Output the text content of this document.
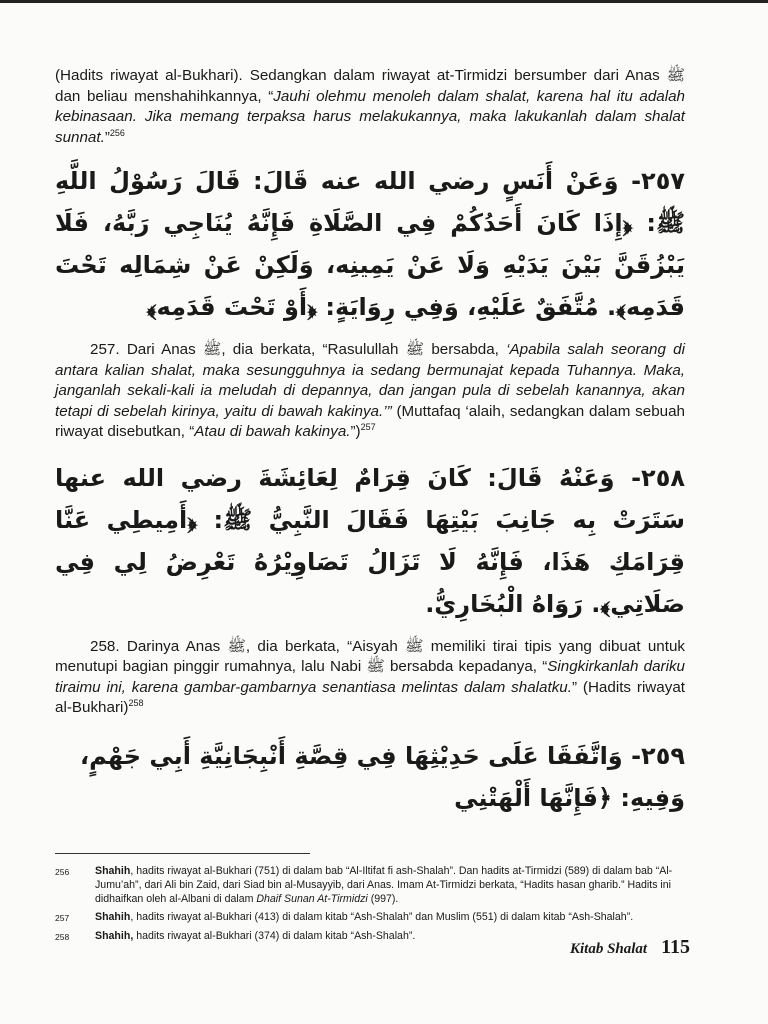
(Hadits riwayat al-Bukhari). Sedangkan dalam riwayat at-Tirmidzi bersumber dari Anas ﷺ dan beliau menshahihkannya, “Jauhi olehmu menoleh dalam shalat, karena hal itu adalah kebinasaan. Jika memang terpaksa harus melakukannya, maka lakukanlah dalam shalat sunnat.”$^{256}$

٢٥٧- وَعَنْ أَنَسٍ رضي الله عنه قَالَ: قَالَ رَسُوْلُ اللَّهِ ﷺ: ﴿إِذَا كَانَ أَحَدُكُمْ فِي الصَّلَاةِ فَإِنَّهُ يُنَاجِي رَبَّهُ، فَلَا يَبْزُقَنَّ بَيْنَ يَدَيْهِ وَلَا عَنْ يَمِينِه، وَلَكِنْ عَنْ شِمَالِه تَحْتَ قَدَمِه﴾. مُتَّفَقٌ عَلَيْهِ، وَفِي رِوَايَةٍ: ﴿أَوْ تَحْتَ قَدَمِه﴾

257. Dari Anas ﷺ, dia berkata, “Rasulullah ﷺ bersabda, ‘Apabila salah seorang di antara kalian shalat, maka sesungguhnya ia sedang bermunajat kepada Tuhannya. Maka, janganlah sekali-kali ia meludah di depannya, dan jangan pula di sebelah kanannya, akan tetapi di sebelah kirinya, yaitu di bawah kakinya.’” (Muttafaq ‘alaih, sedangkan dalam sebuah riwayat disebutkan, “Atau di bawah kakinya.”)$^{257}$

٢٥٨- وَعَنْهُ قَالَ: كَانَ قِرَامٌ لِعَائِشَةَ رضي الله عنها سَتَرَتْ بِه جَانِبَ بَيْتِهَا فَقَالَ النَّبِيُّ ﷺ: ﴿أَمِيطِي عَنَّا قِرَامَكِ هَذَا، فَإِنَّهُ لَا تَزَالُ تَصَاوِيْرُهُ تَعْرِضُ لِي فِي صَلَاتِي﴾. رَوَاهُ الْبُخَارِيُّ.

258. Darinya Anas ﷺ, dia berkata, “Aisyah ﷺ memiliki tirai tipis yang dibuat untuk menutupi bagian pinggir rumahnya, lalu Nabi ﷺ bersabda kepadanya, “Singkirkanlah dariku tiraimu ini, karena gambar-gambarnya senantiasa melintas dalam shalatku.” (Hadits riwayat al-Bukhari)$^{258}$

٢٥٩- وَاتَّفَقَا عَلَى حَدِيْثِهَا فِي قِصَّةِ أَنْبِجَانِيَّةِ أَبِي جَهْمٍ، وَفِيهِ: ﴿فَإِنَّهَا أَلْهَتْنِي

256	Shahih, hadits riwayat al-Bukhari (751) di dalam bab “Al-Iltifat fi ash-Shalah”. Dan hadits at-Tirmidzi (589) di dalam bab “Al-Jumu’ah”, dari Ali bin Zaid, dari Siad bin al-Musayyib, dari Anas. Imam At-Tirmidzi berkata, “Hadits hasan gharib.” Hadits ini didhaifkan oleh al-Albani di dalam Dhaif Sunan At-Tirmidzi (997).
257	Shahih, hadits riwayat al-Bukhari (413) di dalam kitab “Ash-Shalah” dan Muslim (551) di dalam kitab “Ash-Shalah”.
258	Shahih, hadits riwayat al-Bukhari (374) di dalam kitab “Ash-Shalah”.
Kitab Shalat 115
